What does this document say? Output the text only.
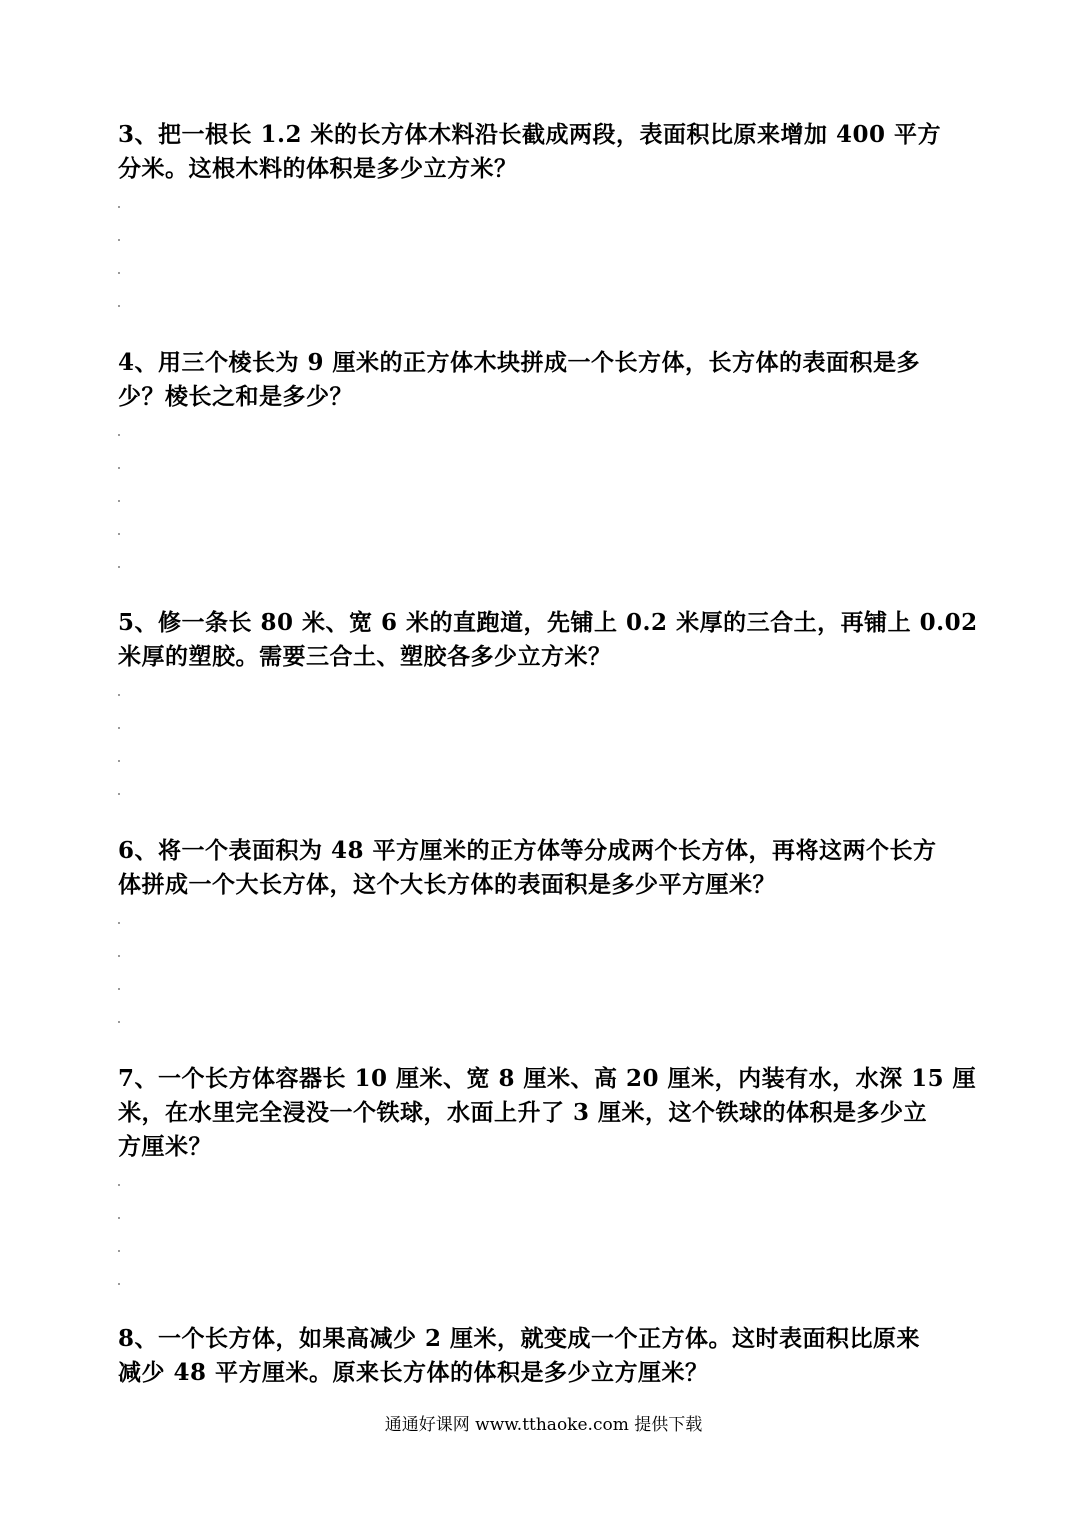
3、把一根长 1.2 米的长方体木料沿长截成两段，表面积比原来增加 400 平方
分米。这根木料的体积是多少立方米？
4、用三个棱长为 9 厘米的正方体木块拼成一个长方体，长方体的表面积是多
少？棱长之和是多少？
5、修一条长 80 米、宽 6 米的直跑道，先铺上 0.2 米厚的三合土，再铺上 0.02
米厚的塑胶。需要三合土、塑胶各多少立方米？
6、将一个表面积为 48 平方厘米的正方体等分成两个长方体，再将这两个长方
体拼成一个大长方体，这个大长方体的表面积是多少平方厘米？
7、一个长方体容器长 10 厘米、宽 8 厘米、高 20 厘米，内装有水，水深 15 厘
米，在水里完全浸没一个铁球，水面上升了 3 厘米，这个铁球的体积是多少立
方厘米？
8、一个长方体，如果高减少 2 厘米，就变成一个正方体。这时表面积比原来
减少 48 平方厘米。原来长方体的体积是多少立方厘米？
通通好课网 www.tthaoke.com 提供下载
